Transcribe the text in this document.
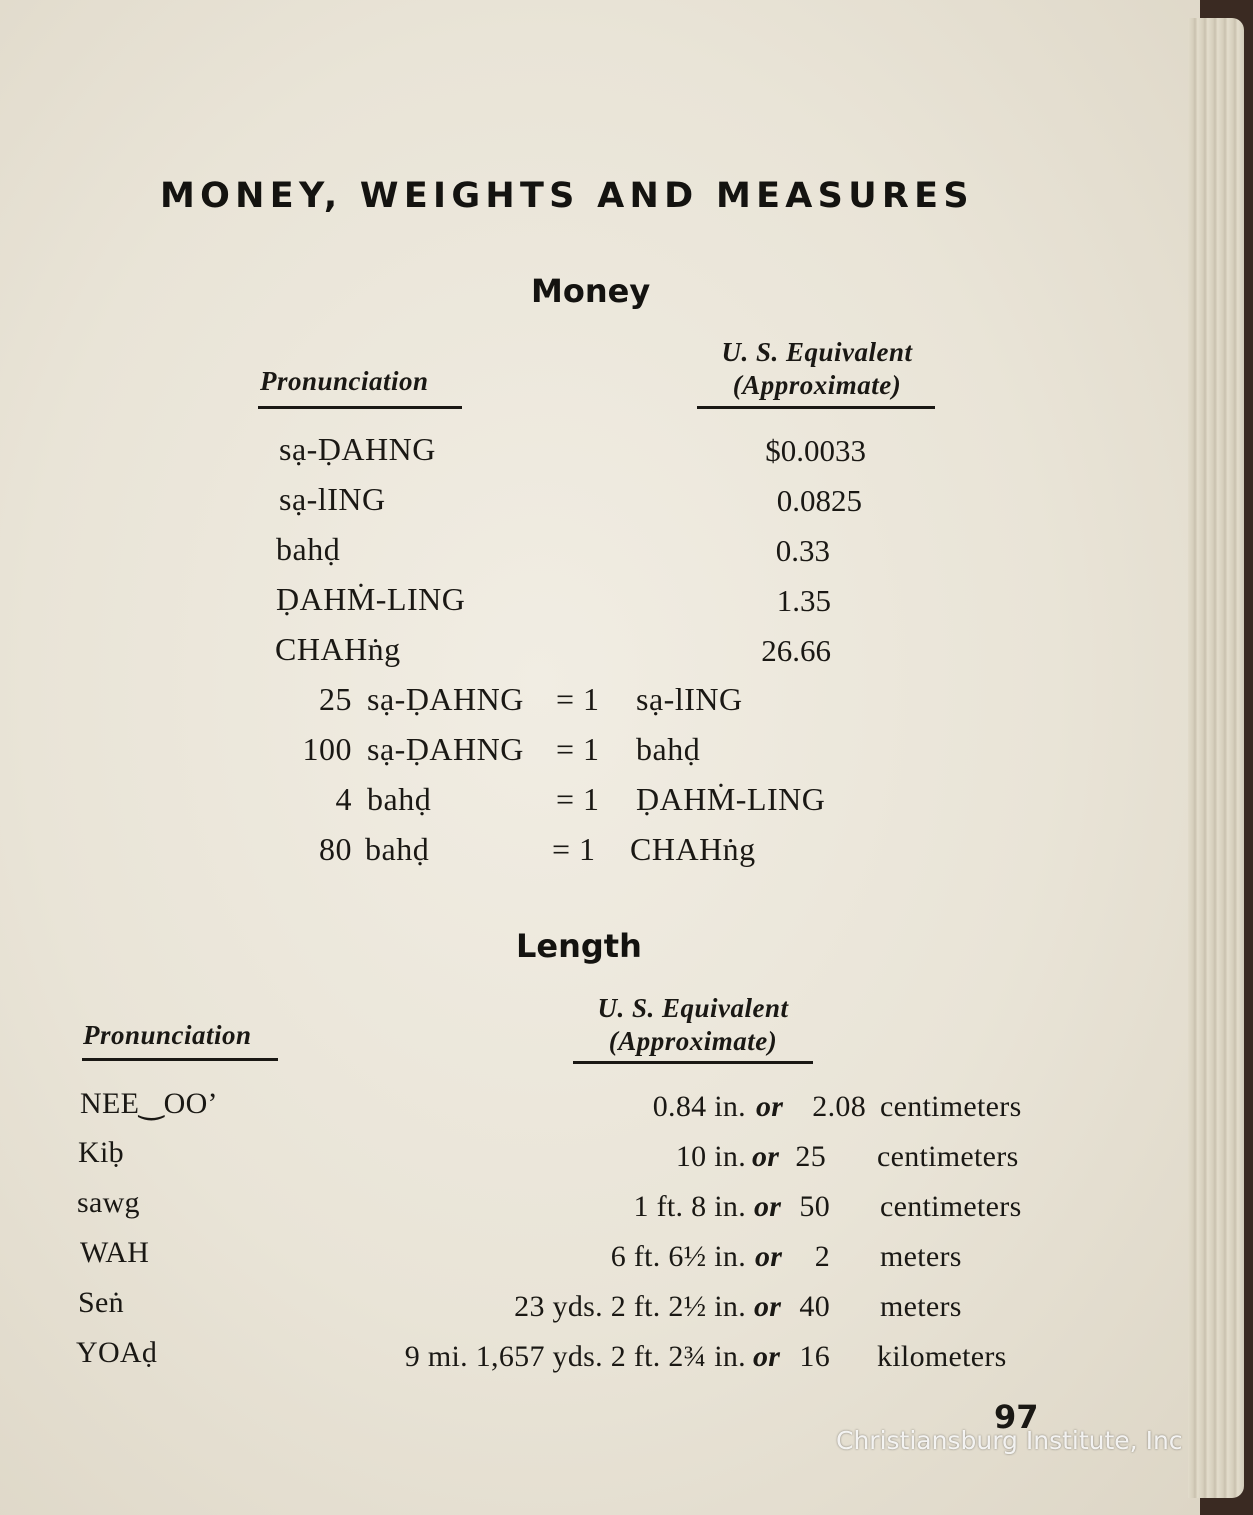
MONEY, WEIGHTS AND MEASURES
Money
Pronunciation
U. S. Equivalent
(Approximate)
sạ-ḌAHNG	$0.0033
sạ-lING	0.0825
bahḍ	0.33
ḌAHṀ-LING	1.35
CHAHṅg	26.66
25 sạ-ḌAHNG = 1 sạ-lING
100 sạ-ḌAHNG = 1 bahḍ
4 bahḍ	= 1 ḌAHṀ-LING
80 bahḍ	= 1 CHAHṅg
Length
Pronunciation
U. S. Equivalent
(Approximate)
NEE‿OO’	0.84 in. or 2.08 centimeters
Kiḅ	10 in. or 25 centimeters
sawg	1 ft. 8 in. or 50 centimeters
WAH	6 ft. 6½ in. or	2 meters
Seṅ	23 yds. 2 ft. 2½ in. or 40 meters
YOAḍ	9 mi. 1,657 yds. 2 ft. 2¾ in. or 16 kilometers
97
Christiansburg Institute, Inc
